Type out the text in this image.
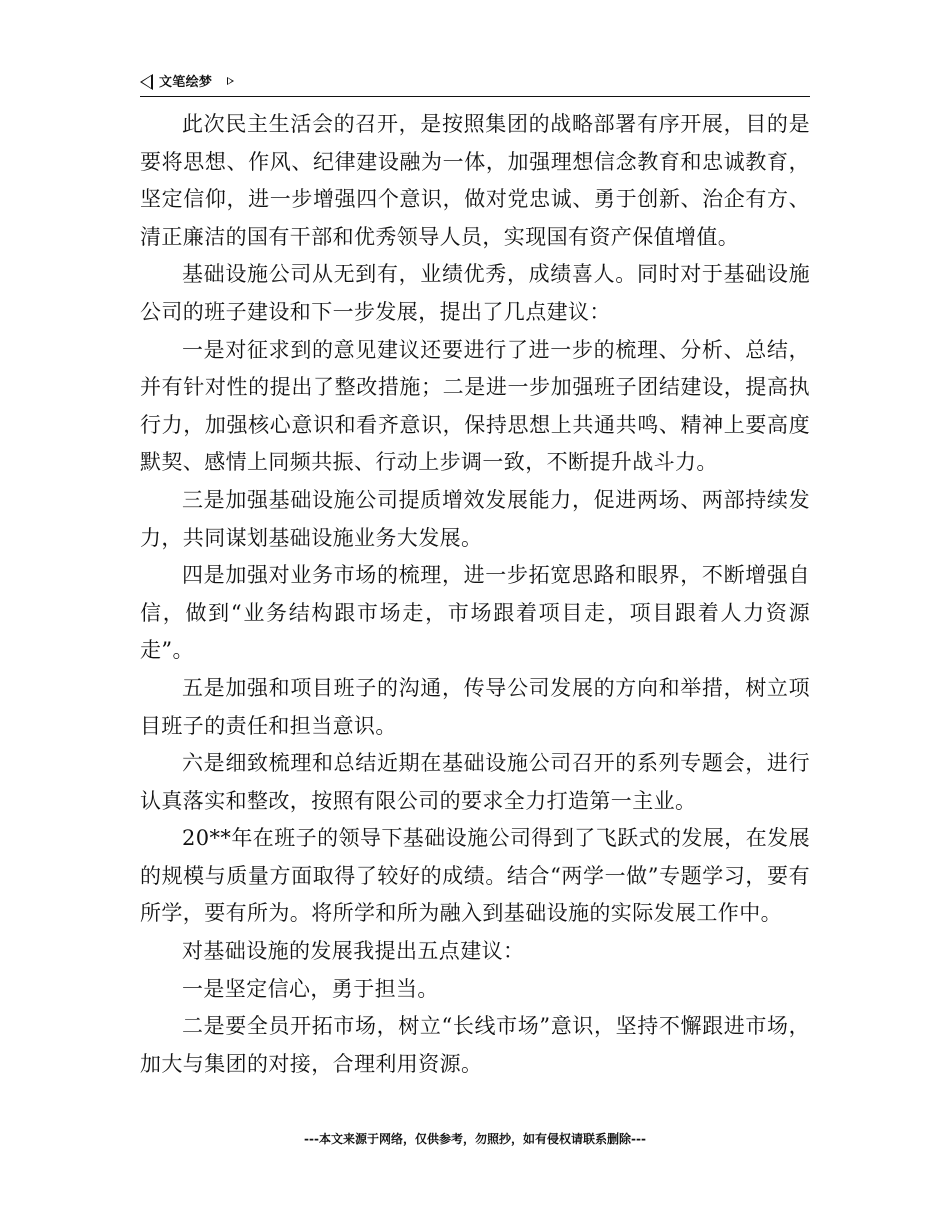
文笔绘梦

此次民主生活会的召开，是按照集团的战略部署有序开展，目的是要将思想、作风、纪律建设融为一体，加强理想信念教育和忠诚教育，坚定信仰，进一步增强四个意识，做对党忠诚、勇于创新、治企有方、清正廉洁的国有干部和优秀领导人员，实现国有资产保值增值。

基础设施公司从无到有，业绩优秀，成绩喜人。同时对于基础设施公司的班子建设和下一步发展，提出了几点建议：

一是对征求到的意见建议还要进行了进一步的梳理、分析、总结，并有针对性的提出了整改措施；二是进一步加强班子团结建设，提高执行力，加强核心意识和看齐意识，保持思想上共通共鸣、精神上要高度默契、感情上同频共振、行动上步调一致，不断提升战斗力。

三是加强基础设施公司提质增效发展能力，促进两场、两部持续发力，共同谋划基础设施业务大发展。

四是加强对业务市场的梳理，进一步拓宽思路和眼界，不断增强自信，做到“业务结构跟市场走，市场跟着项目走，项目跟着人力资源走”。

五是加强和项目班子的沟通，传导公司发展的方向和举措，树立项目班子的责任和担当意识。

六是细致梳理和总结近期在基础设施公司召开的系列专题会，进行认真落实和整改，按照有限公司的要求全力打造第一主业。

20**年在班子的领导下基础设施公司得到了飞跃式的发展，在发展的规模与质量方面取得了较好的成绩。结合“两学一做”专题学习，要有所学，要有所为。将所学和所为融入到基础设施的实际发展工作中。

对基础设施的发展我提出五点建议：

一是坚定信心，勇于担当。

二是要全员开拓市场，树立“长线市场”意识，坚持不懈跟进市场，加大与集团的对接，合理利用资源。

---本文来源于网络，仅供参考，勿照抄，如有侵权请联系删除---
